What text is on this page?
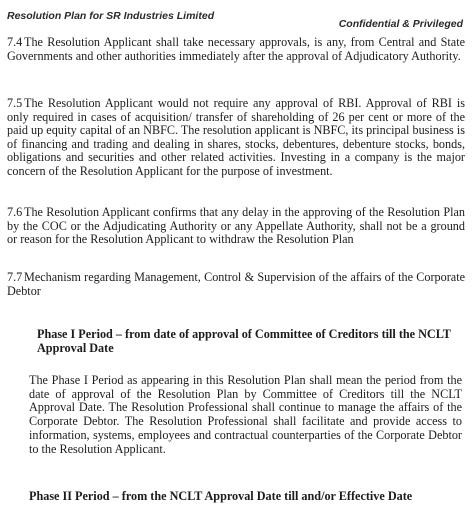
Resolution Plan for SR Industries Limited
Confidential & Privileged
7.4 The Resolution Applicant shall take necessary approvals, is any, from Central and State Governments and other authorities immediately after the approval of Adjudicatory Authority.
7.5 The Resolution Applicant would not require any approval of RBI. Approval of RBI is only required in cases of acquisition/ transfer of shareholding of 26 per cent or more of the paid up equity capital of an NBFC. The resolution applicant is NBFC, its principal business is of financing and trading and dealing in shares, stocks, debentures, debenture stocks, bonds, obligations and securities and other related activities. Investing in a company is the major concern of the Resolution Applicant for the purpose of investment.
7.6 The Resolution Applicant confirms that any delay in the approving of the Resolution Plan by the COC or the Adjudicating Authority or any Appellate Authority, shall not be a ground or reason for the Resolution Applicant to withdraw the Resolution Plan
7.7 Mechanism regarding Management, Control & Supervision of the affairs of the Corporate Debtor
Phase I Period – from date of approval of Committee of Creditors till the NCLT Approval Date
The Phase I Period as appearing in this Resolution Plan shall mean the period from the date of approval of the Resolution Plan by Committee of Creditors till the NCLT Approval Date. The Resolution Professional shall continue to manage the affairs of the Corporate Debtor. The Resolution Professional shall facilitate and provide access to information, systems, employees and contractual counterparties of the Corporate Debtor to the Resolution Applicant.
Phase II Period – from the NCLT Approval Date till and/or Effective Date
